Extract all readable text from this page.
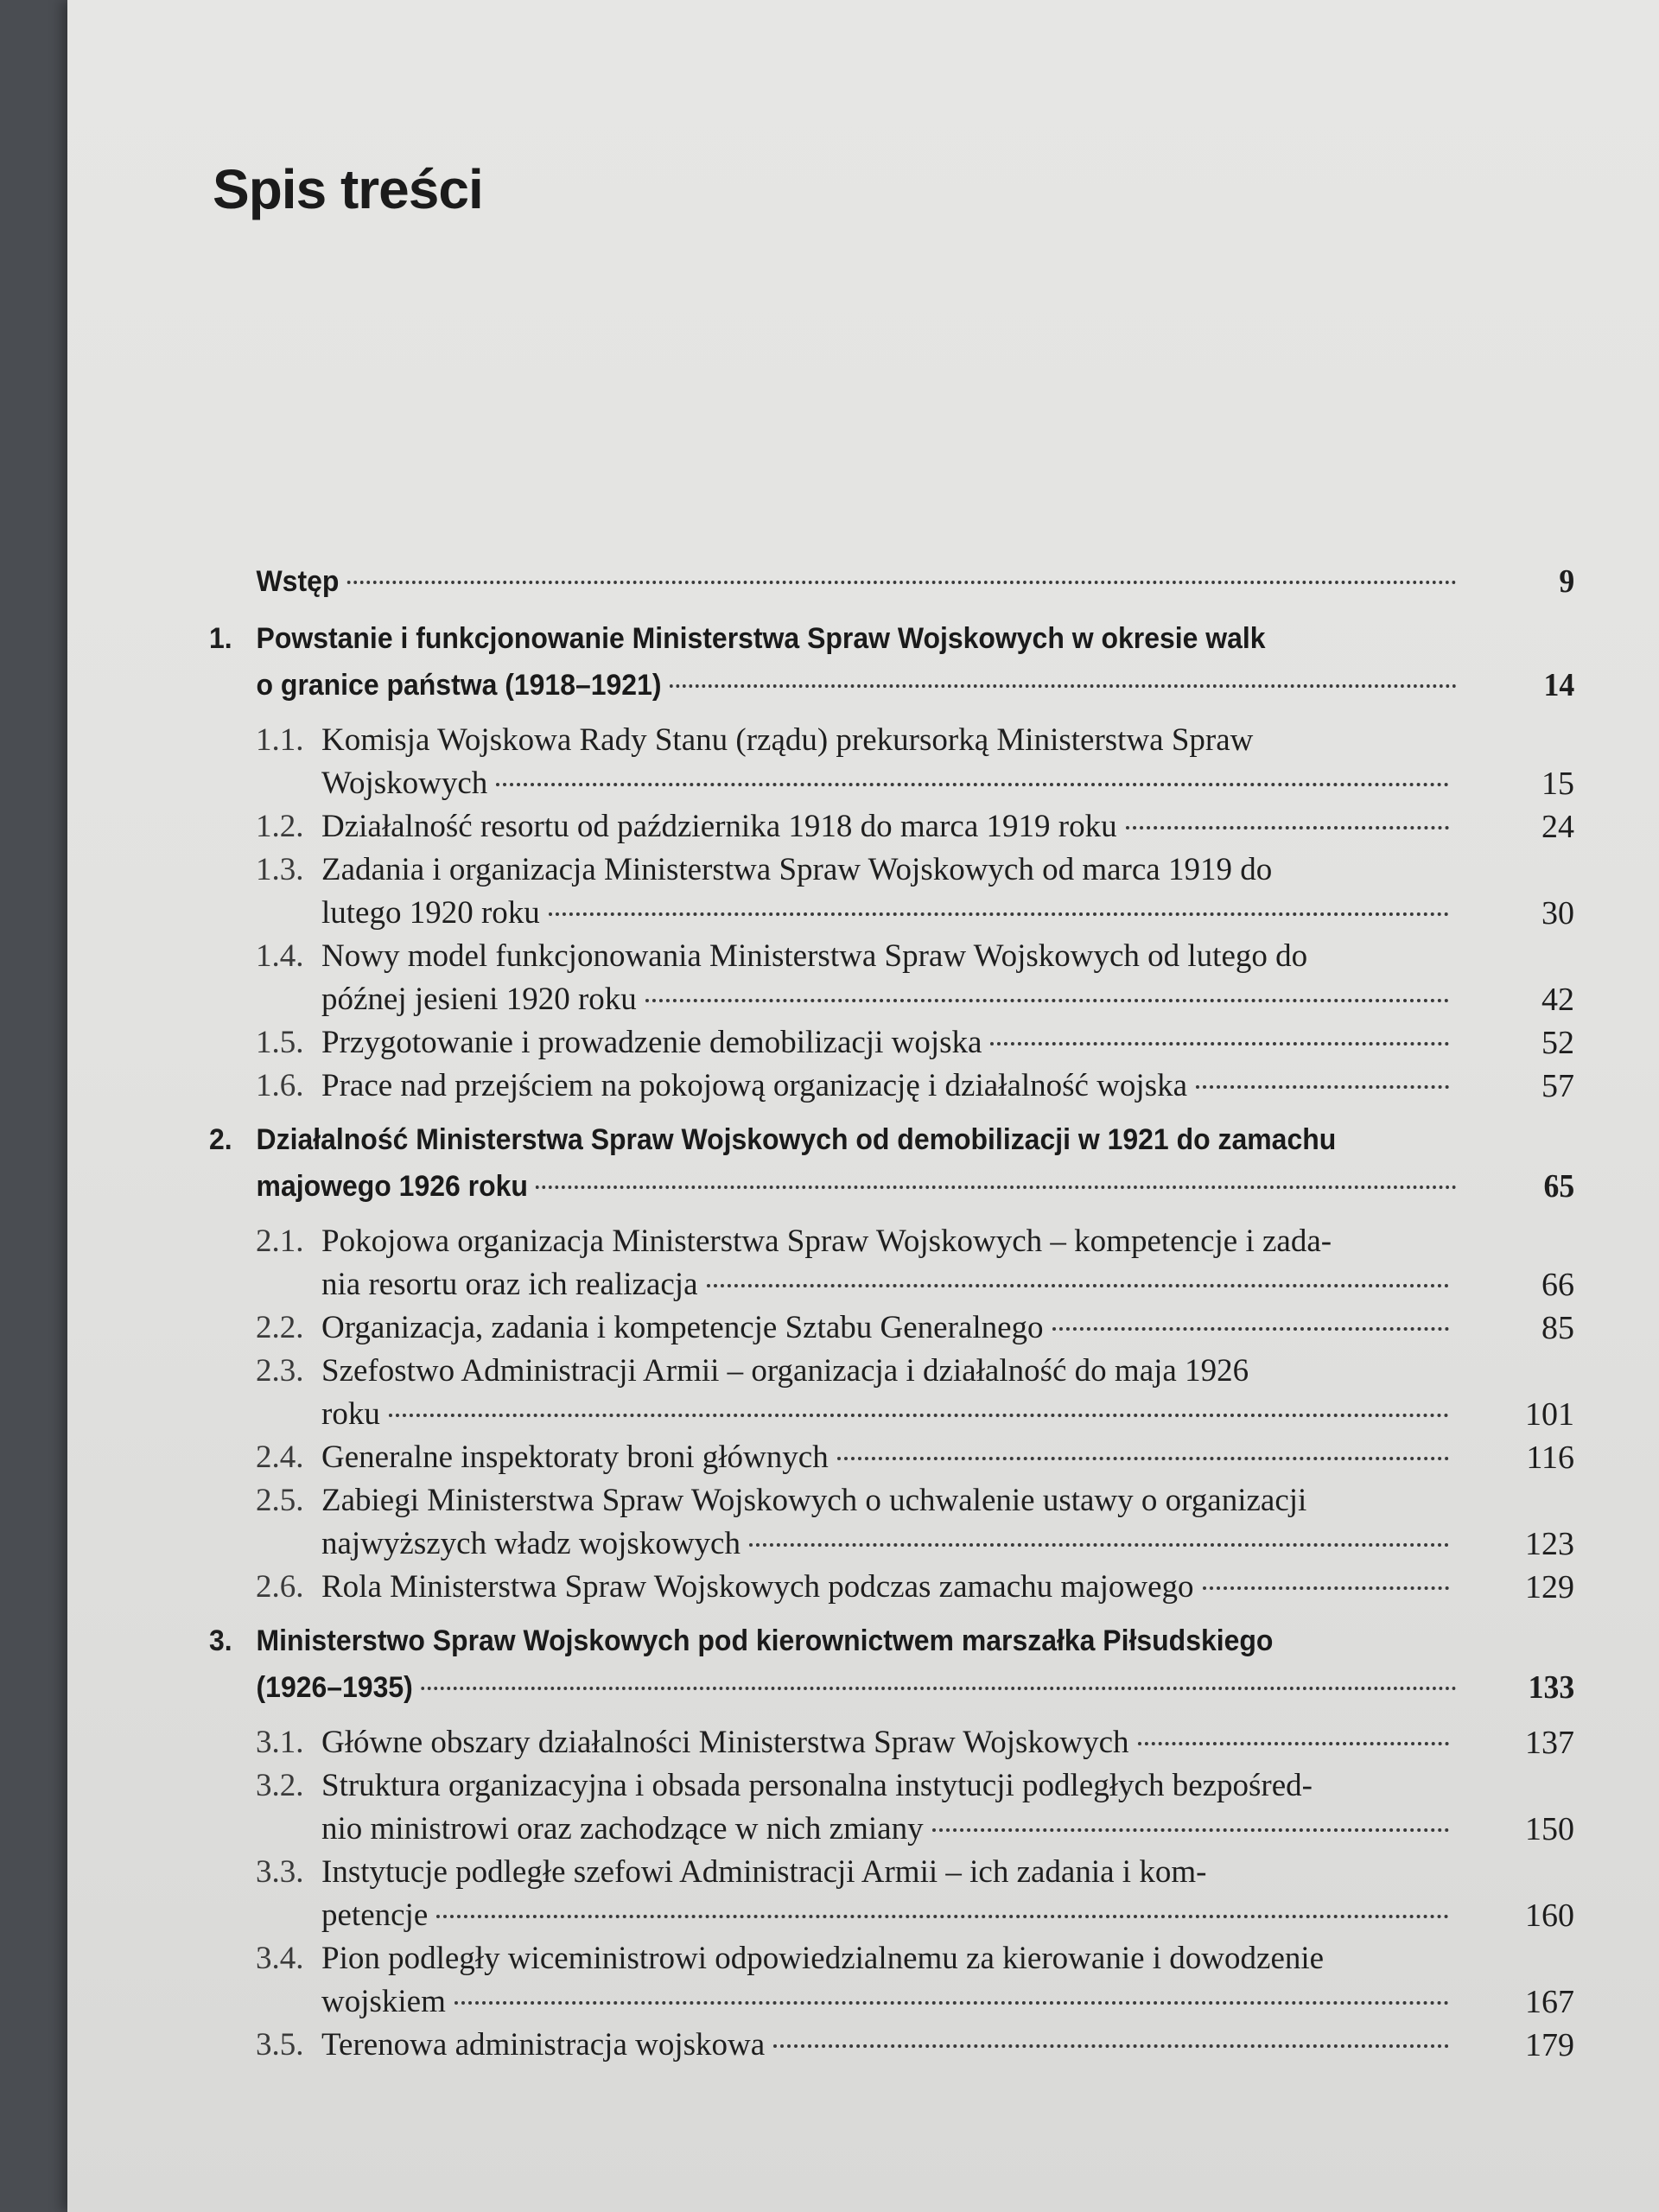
Spis treści
Wstęp	9
1. Powstanie i funkcjonowanie Ministerstwa Spraw Wojskowych w okresie walk
o granice państwa (1918–1921)	14
1.1. Komisja Wojskowa Rady Stanu (rządu) prekursorką Ministerstwa Spraw
Wojskowych	15
1.2. Działalność resortu od października 1918 do marca 1919 roku	24
1.3. Zadania i organizacja Ministerstwa Spraw Wojskowych od marca 1919 do
lutego 1920 roku	30
1.4. Nowy model funkcjonowania Ministerstwa Spraw Wojskowych od lutego do
późnej jesieni 1920 roku	42
1.5. Przygotowanie i prowadzenie demobilizacji wojska	52
1.6. Prace nad przejściem na pokojową organizację i działalność wojska	57
2. Działalność Ministerstwa Spraw Wojskowych od demobilizacji w 1921 do zamachu
majowego 1926 roku	65
2.1. Pokojowa organizacja Ministerstwa Spraw Wojskowych – kompetencje i zada-
nia resortu oraz ich realizacja	66
2.2. Organizacja, zadania i kompetencje Sztabu Generalnego	85
2.3. Szefostwo Administracji Armii – organizacja i działalność do maja 1926
roku	101
2.4. Generalne inspektoraty broni głównych	116
2.5. Zabiegi Ministerstwa Spraw Wojskowych o uchwalenie ustawy o organizacji
najwyższych władz wojskowych	123
2.6. Rola Ministerstwa Spraw Wojskowych podczas zamachu majowego	129
3. Ministerstwo Spraw Wojskowych pod kierownictwem marszałka Piłsudskiego
(1926–1935)	133
3.1. Główne obszary działalności Ministerstwa Spraw Wojskowych	137
3.2. Struktura organizacyjna i obsada personalna instytucji podległych bezpośred-
nio ministrowi oraz zachodzące w nich zmiany	150
3.3. Instytucje podległe szefowi Administracji Armii – ich zadania i kom-
petencje	160
3.4. Pion podległy wiceministrowi odpowiedzialnemu za kierowanie i dowodzenie
wojskiem	167
3.5. Terenowa administracja wojskowa	179
